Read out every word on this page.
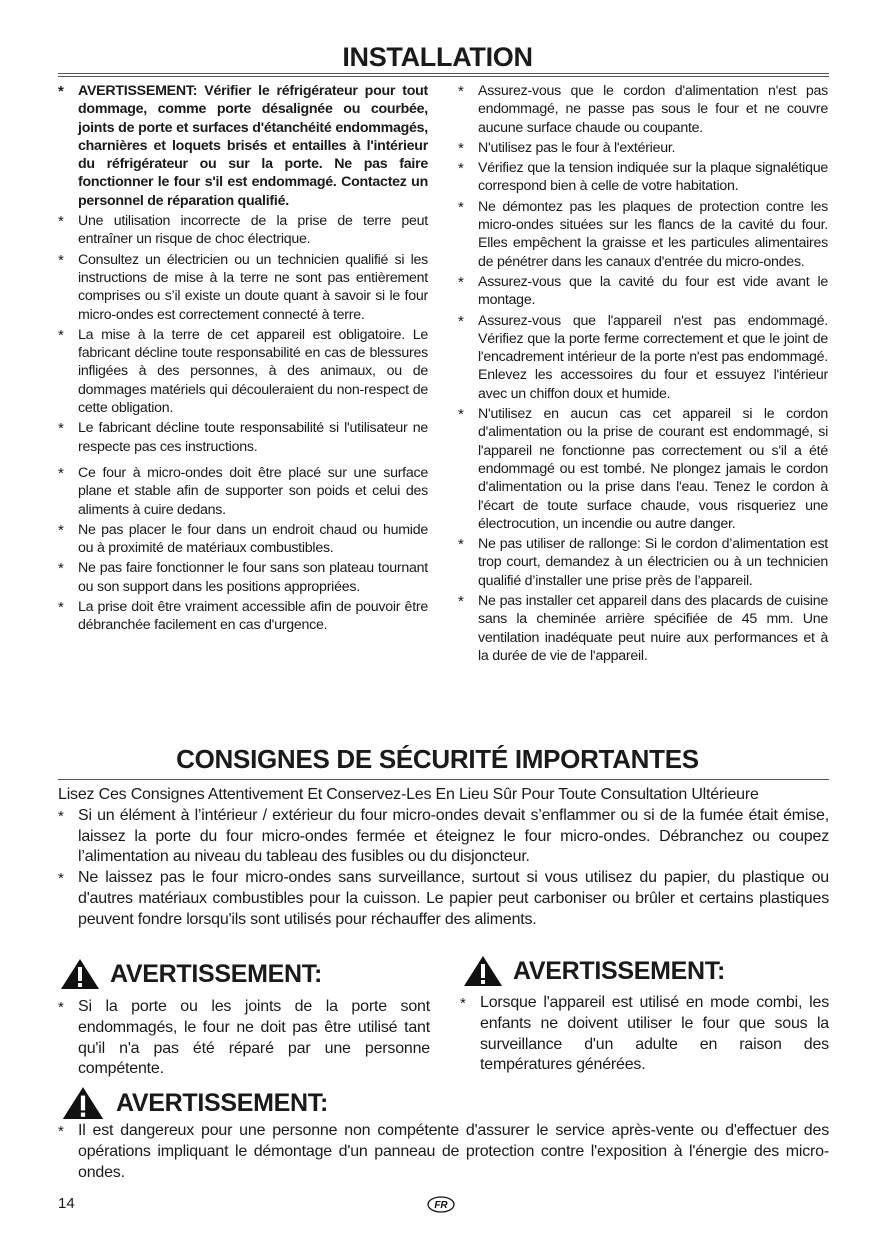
INSTALLATION
* AVERTISSEMENT: Vérifier le réfrigérateur pour tout dommage, comme porte désalignée ou courbée, joints de porte et surfaces d'étanchéité endommagés, charnières et loquets brisés et entailles à l'intérieur du réfrigérateur ou sur la porte. Ne pas faire fonctionner le four s'il est endommagé. Contactez un personnel de réparation qualifié.
* Une utilisation incorrecte de la prise de terre peut entraîner un risque de choc électrique.
* Consultez un électricien ou un technicien qualifié si les instructions de mise à la terre ne sont pas entièrement comprises ou s’il existe un doute quant à savoir si le four micro-ondes est correctement connecté à terre.
* La mise à la terre de cet appareil est obligatoire. Le fabricant décline toute responsabilité en cas de blessures infligées à des personnes, à des animaux, ou de dommages matériels qui découleraient du non-respect de cette obligation.
* Le fabricant décline toute responsabilité si l'utilisateur ne respecte pas ces instructions.
* Ce four à micro-ondes doit être placé sur une surface plane et stable afin de supporter son poids et celui des aliments à cuire dedans.
* Ne pas placer le four dans un endroit chaud ou humide ou à proximité de matériaux combustibles.
* Ne pas faire fonctionner le four sans son plateau tournant ou son support dans les positions appropriées.
* La prise doit être vraiment accessible afin de pouvoir être débranchée facilement en cas d'urgence.
* Assurez-vous que le cordon d'alimentation n'est pas endommagé, ne passe pas sous le four et ne couvre aucune surface chaude ou coupante.
* N'utilisez pas le four à l'extérieur.
* Vérifiez que la tension indiquée sur la plaque signalétique correspond bien à celle de votre habitation.
* Ne démontez pas les plaques de protection contre les micro-ondes situées sur les flancs de la cavité du four. Elles empêchent la graisse et les particules alimentaires de pénétrer dans les canaux d'entrée du micro-ondes.
* Assurez-vous que la cavité du four est vide avant le montage.
* Assurez-vous que l'appareil n'est pas endommagé. Vérifiez que la porte ferme correctement et que le joint de l'encadrement intérieur de la porte n'est pas endommagé. Enlevez les accessoires du four et essuyez l'intérieur avec un chiffon doux et humide.
* N'utilisez en aucun cas cet appareil si le cordon d'alimentation ou la prise de courant est endommagé, si l'appareil ne fonctionne pas correctement ou s'il a été endommagé ou est tombé. Ne plongez jamais le cordon d'alimentation ou la prise dans l'eau. Tenez le cordon à l'écart de toute surface chaude, vous risqueriez une électrocution, un incendie ou autre danger.
* Ne pas utiliser de rallonge: Si le cordon d’alimentation est trop court, demandez à un électricien ou à un technicien qualifié d’installer une prise près de l’appareil.
* Ne pas installer cet appareil dans des placards de cuisine sans la cheminée arrière spécifiée de 45 mm. Une ventilation inadéquate peut nuire aux performances et à la durée de vie de l'appareil.
CONSIGNES DE SÉCURITÉ IMPORTANTES
Lisez Ces Consignes Attentivement Et Conservez-Les En Lieu Sûr Pour Toute Consultation Ultérieure
* Si un élément à l’intérieur / extérieur du four micro-ondes devait s’enflammer ou si de la fumée était émise, laissez la porte du four micro-ondes fermée et éteignez le four micro-ondes. Débranchez ou coupez l’alimentation au niveau du tableau des fusibles ou du disjoncteur.
* Ne laissez pas le four micro-ondes sans surveillance, surtout si vous utilisez du papier, du plastique ou d'autres matériaux combustibles pour la cuisson. Le papier peut carboniser ou brûler et certains plastiques peuvent fondre lorsqu'ils sont utilisés pour réchauffer des aliments.
AVERTISSEMENT:
* Si la porte ou les joints de la porte sont endommagés, le four ne doit pas être utilisé tant qu'il n'a pas été réparé par une personne compétente.
AVERTISSEMENT:
* Lorsque l'appareil est utilisé en mode combi, les enfants ne doivent utiliser le four que sous la surveillance d'un adulte en raison des températures générées.
AVERTISSEMENT:
* Il est dangereux pour une personne non compétente d'assurer le service après-vente ou d'effectuer des opérations impliquant le démontage d'un panneau de protection contre l'exposition à l'énergie des micro-ondes.
14	FR
